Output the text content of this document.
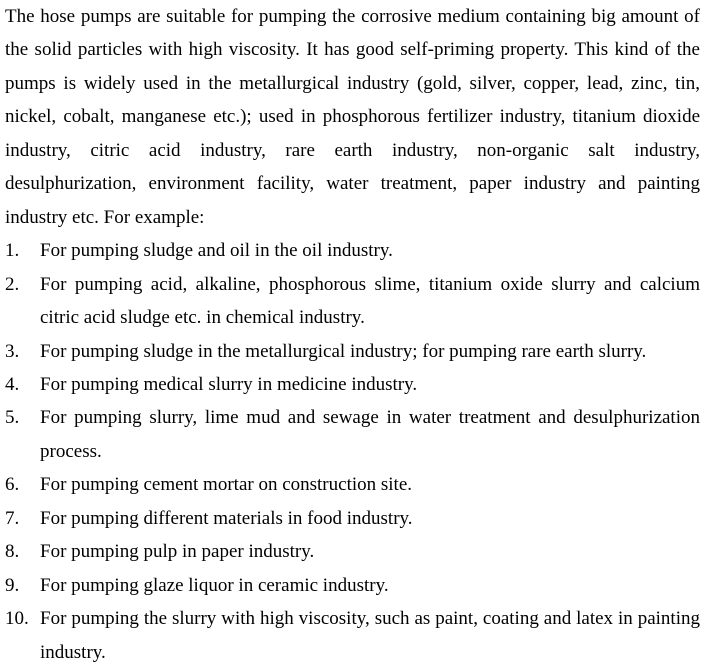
The hose pumps are suitable for pumping the corrosive medium containing big amount of the solid particles with high viscosity. It has good self-priming property. This kind of the pumps is widely used in the metallurgical industry (gold, silver, copper, lead, zinc, tin, nickel, cobalt, manganese etc.); used in phosphorous fertilizer industry, titanium dioxide industry, citric acid industry, rare earth industry, non-organic salt industry, desulphurization, environment facility, water treatment, paper industry and painting industry etc. For example:
1.	For pumping sludge and oil in the oil industry.
2.	For pumping acid, alkaline, phosphorous slime, titanium oxide slurry and calcium citric acid sludge etc. in chemical industry.
3.	For pumping sludge in the metallurgical industry; for pumping rare earth slurry.
4.	For pumping medical slurry in medicine industry.
5.	For pumping slurry, lime mud and sewage in water treatment and desulphurization process.
6.	For pumping cement mortar on construction site.
7.	For pumping different materials in food industry.
8.	For pumping pulp in paper industry.
9.	For pumping glaze liquor in ceramic industry.
10. For pumping the slurry with high viscosity, such as paint, coating and latex in painting industry.
